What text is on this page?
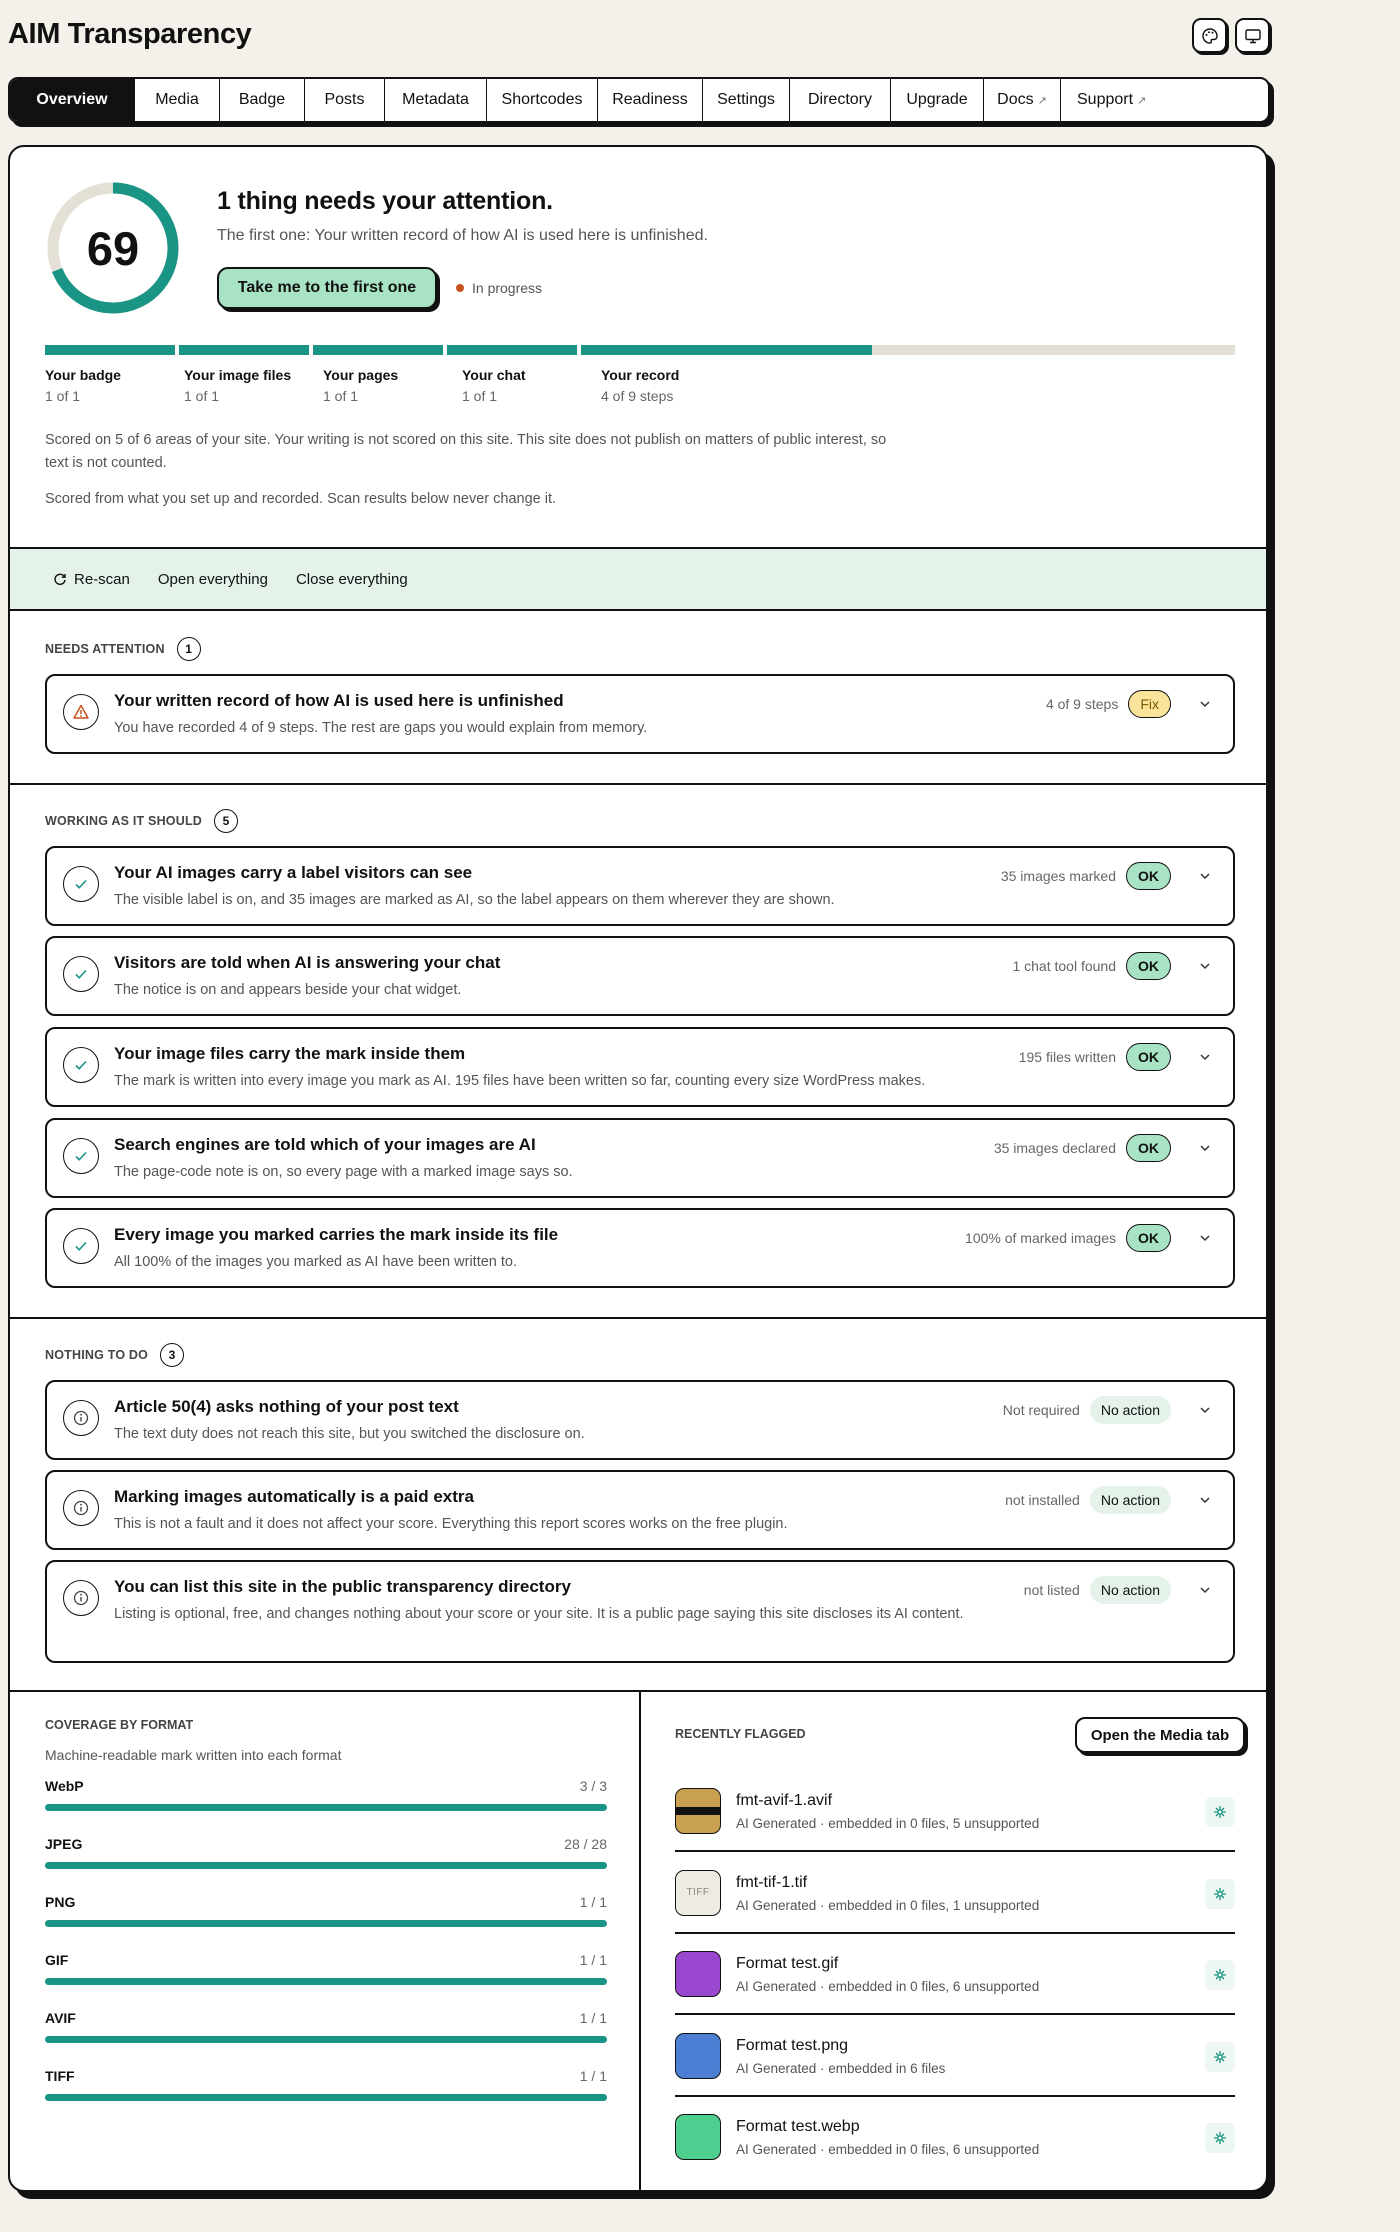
AIM Transparency
Overview	Media	Badge Posts Metadata Shortcodes Readiness Settings Directory Upgrade Docs ↗ Support ↗
69
1 thing needs your attention.
The first one: Your written record of how AI is used here is unfinished.
Take me to the first one	In progress
Your badge
1 of 1
Your image files
1 of 1
Your pages
1 of 1
Your chat
1 of 1
Your record
4 of 9 steps
Scored on 5 of 6 areas of your site. Your writing is not scored on this site. This site does not publish on matters of public interest, so text is not counted.
Scored from what you set up and recorded. Scan results below never change it.
Re-scan Open everything Close everything
NEEDS ATTENTION	1
Your written record of how AI is used here is unfinished
You have recorded 4 of 9 steps. The rest are gaps you would explain from memory.
4 of 9 steps	Fix
WORKING AS IT SHOULD	5
Your AI images carry a label visitors can see
The visible label is on, and 35 images are marked as AI, so the label appears on them wherever they are shown.
35 images marked	OK
Visitors are told when AI is answering your chat
The notice is on and appears beside your chat widget.
1 chat tool found	OK
Your image files carry the mark inside them
The mark is written into every image you mark as AI. 195 files have been written so far, counting every size WordPress makes.
195 files written	OK
Search engines are told which of your images are AI
The page-code note is on, so every page with a marked image says so.
35 images declared	OK
Every image you marked carries the mark inside its file
All 100% of the images you marked as AI have been written to.
100% of marked images	OK
NOTHING TO DO	3
Article 50(4) asks nothing of your post text
The text duty does not reach this site, but you switched the disclosure on.
Not required	No action
Marking images automatically is a paid extra
This is not a fault and it does not affect your score. Everything this report scores works on the free plugin.
not installed	No action
You can list this site in the public transparency directory
Listing is optional, free, and changes nothing about your score or your site. It is a public page saying this site discloses its AI content.
not listed	No action
COVERAGE BY FORMAT
Machine-readable mark written into each format
WebP	3 / 3
JPEG	28 / 28
PNG	1 / 1
GIF	1 / 1
AVIF	1 / 1
TIFF	1 / 1
RECENTLY FLAGGED	Open the Media tab
fmt-avif-1.avif
AI Generated · embedded in 0 files, 5 unsupported
TIFF
fmt-tif-1.tif
AI Generated · embedded in 0 files, 1 unsupported
Format test.gif
AI Generated · embedded in 0 files, 6 unsupported
Format test.png
AI Generated · embedded in 6 files
Format test.webp
AI Generated · embedded in 0 files, 6 unsupported
